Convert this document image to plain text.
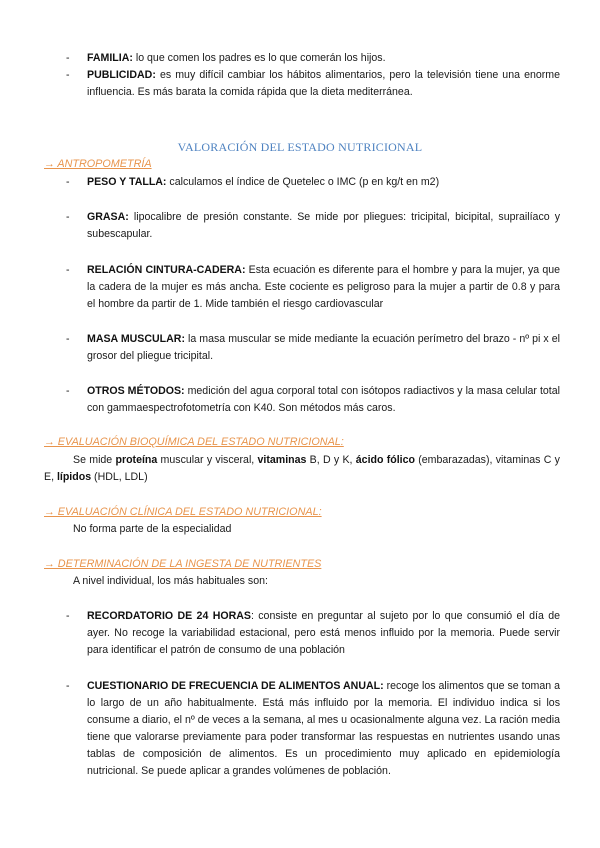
- FAMILIA: lo que comen los padres es lo que comerán los hijos.
- PUBLICIDAD: es muy difícil cambiar los hábitos alimentarios, pero la televisión tiene una enorme influencia. Es más barata la comida rápida que la dieta mediterránea.
VALORACIÓN DEL ESTADO NUTRICIONAL
→ ANTROPOMETRÍA
- PESO Y TALLA: calculamos el índice de Quetelec o IMC (p en kg/t en m2)
- GRASA: lipocalibre de presión constante. Se mide por pliegues: tricipital, bicipital, suprailíaco y subescapular.
- RELACIÓN CINTURA-CADERA: Esta ecuación es diferente para el hombre y para la mujer, ya que la cadera de la mujer es más ancha. Este cociente es peligroso para la mujer a partir de 0.8 y para el hombre da partir de 1. Mide también el riesgo cardiovascular
- MASA MUSCULAR: la masa muscular se mide mediante la ecuación perímetro del brazo - nº pi x el grosor del pliegue tricipital.
- OTROS MÉTODOS: medición del agua corporal total con isótopos radiactivos y la masa celular total con gammaespectrofotometría con K40. Son métodos más caros.
→ EVALUACIÓN BIOQUÍMICA DEL ESTADO NUTRICIONAL:
Se mide proteína muscular y visceral, vitaminas B, D y K, ácido fólico (embarazadas), vitaminas C y E, lípidos (HDL, LDL)
→ EVALUACIÓN CLÍNICA DEL ESTADO NUTRICIONAL:
No forma parte de la especialidad
→ DETERMINACIÓN DE LA INGESTA DE NUTRIENTES
A nivel individual, los más habituales son:
- RECORDATORIO DE 24 HORAS: consiste en preguntar al sujeto por lo que consumió el día de ayer. No recoge la variabilidad estacional, pero está menos influido por la memoria. Puede servir para identificar el patrón de consumo de una población
- CUESTIONARIO DE FRECUENCIA DE ALIMENTOS ANUAL: recoge los alimentos que se toman a lo largo de un año habitualmente. Está más influido por la memoria. El individuo indica si los consume a diario, el nº de veces a la semana, al mes u ocasionalmente alguna vez. La ración media tiene que valorarse previamente para poder transformar las respuestas en nutrientes usando unas tablas de composición de alimentos. Es un procedimiento muy aplicado en epidemiología nutricional. Se puede aplicar a grandes volúmenes de población.
